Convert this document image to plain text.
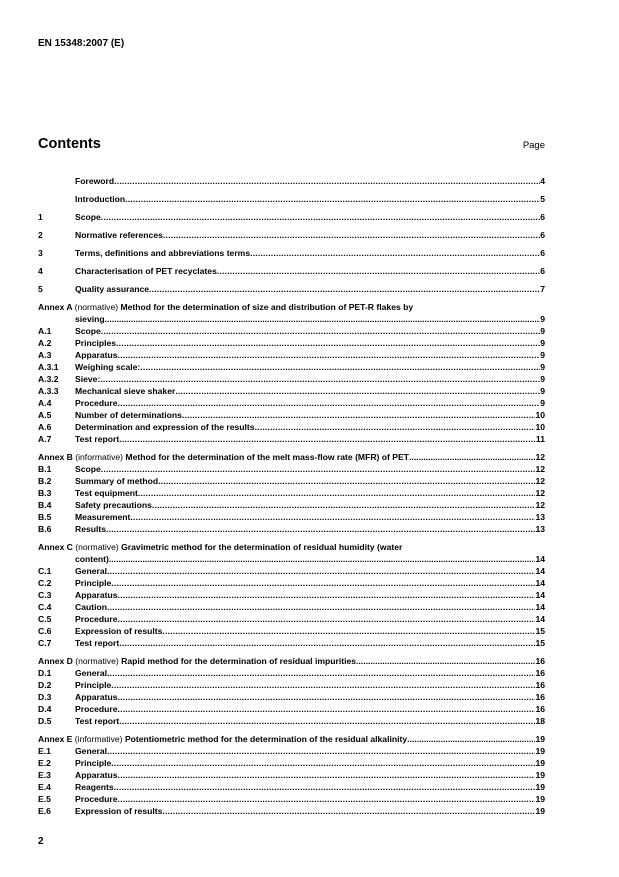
EN 15348:2007 (E)
Contents	Page
Foreword .....	4
Introduction .....	5
1	Scope .....	6
2	Normative references .....	6
3	Terms, definitions and abbreviations terms .....	6
4	Characterisation of PET recyclates .....	6
5	Quality assurance .....	7
Annex A (normative) Method for the determination of size and distribution of PET-R flakes by
sieving .....	9
A.1	Scope .....	9
A.2	Principles .....	9
A.3	Apparatus .....	9
A.3.1	Weighing scale: .....	9
A.3.2	Sieve: .....	9
A.3.3	Mechanical sieve shaker .....	9
A.4	Procedure .....	9
A.5	Number of determinations .....	10
A.6	Determination and expression of the results .....	10
A.7	Test report .....	11
Annex B (informative) Method for the determination of the melt mass-flow rate (MFR) of PET .....	12
B.1	Scope .....	12
B.2	Summary of method .....	12
B.3	Test equipment .....	12
B.4	Safety precautions .....	12
B.5	Measurement .....	13
B.6	Results .....	13
Annex C (normative) Gravimetric method for the determination of residual humidity (water
content) .....	14
C.1	General .....	14
C.2	Principle .....	14
C.3	Apparatus .....	14
C.4	Caution .....	14
C.5	Procedure .....	14
C.6	Expression of results .....	15
C.7	Test report .....	15
Annex D (normative) Rapid method for the determination of residual impurities .....	16
D.1	General .....	16
D.2	Principle .....	16
D.3	Apparatus .....	16
D.4	Procedure .....	16
D.5	Test report .....	18
Annex E (informative) Potentiometric method for the determination of the residual alkalinity .....	19
E.1	General .....	19
E.2	Principle .....	19
E.3	Apparatus .....	19
E.4	Reagents .....	19
E.5	Procedure .....	19
E.6	Expression of results .....	19
2
